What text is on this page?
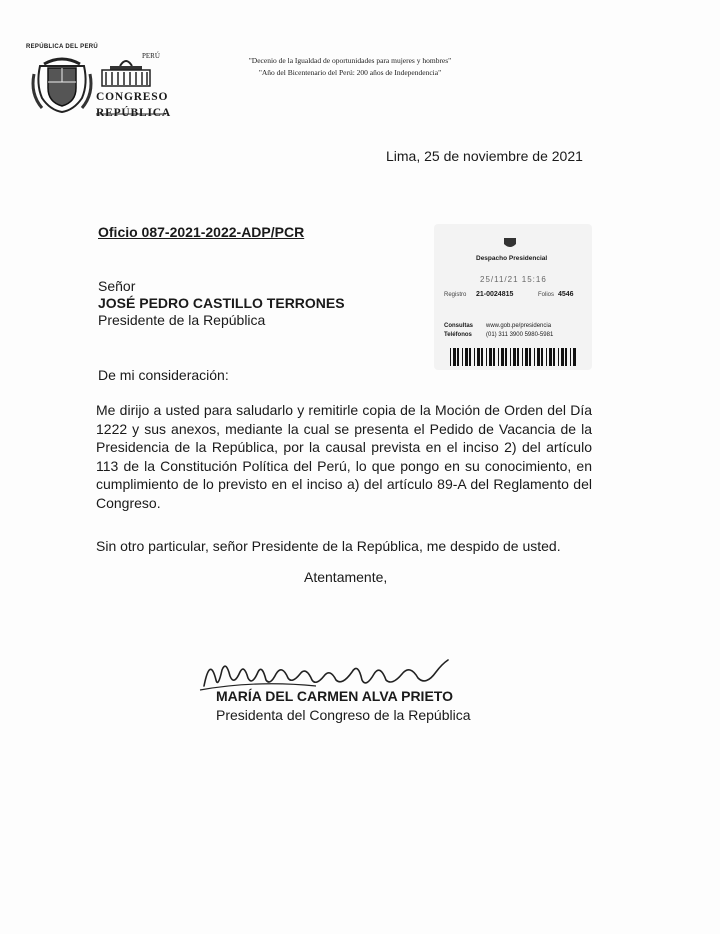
REPÚBLICA DEL PERÚ
PERÚ
CONGRESO
REPÚBLICA
"Decenio de la Igualdad de oportunidades para mujeres y hombres"
"Año del Bicentenario del Perú: 200 años de Independencia"
Lima, 25 de noviembre de 2021
Oficio 087-2021-2022-ADP/PCR
Despacho Presidencial
25/11/21 15:16
Registro 21-0024815	Folios 4546
Consultas www.gob.pe/presidencia
Teléfonos (01) 311 3900 5980-5981
Señor
JOSÉ PEDRO CASTILLO TERRONES
Presidente de la República
De mi consideración:
Me dirijo a usted para saludarlo y remitirle copia de la Moción de Orden del Día 1222 y sus anexos, mediante la cual se presenta el Pedido de Vacancia de la Presidencia de la República, por la causal prevista en el inciso 2) del artículo 113 de la Constitución Política del Perú, lo que pongo en su conocimiento, en cumplimiento de lo previsto en el inciso a) del artículo 89-A del Reglamento del Congreso.
Sin otro particular, señor Presidente de la República, me despido de usted.
Atentamente,
MARÍA DEL CARMEN ALVA PRIETO
Presidenta del Congreso de la República
